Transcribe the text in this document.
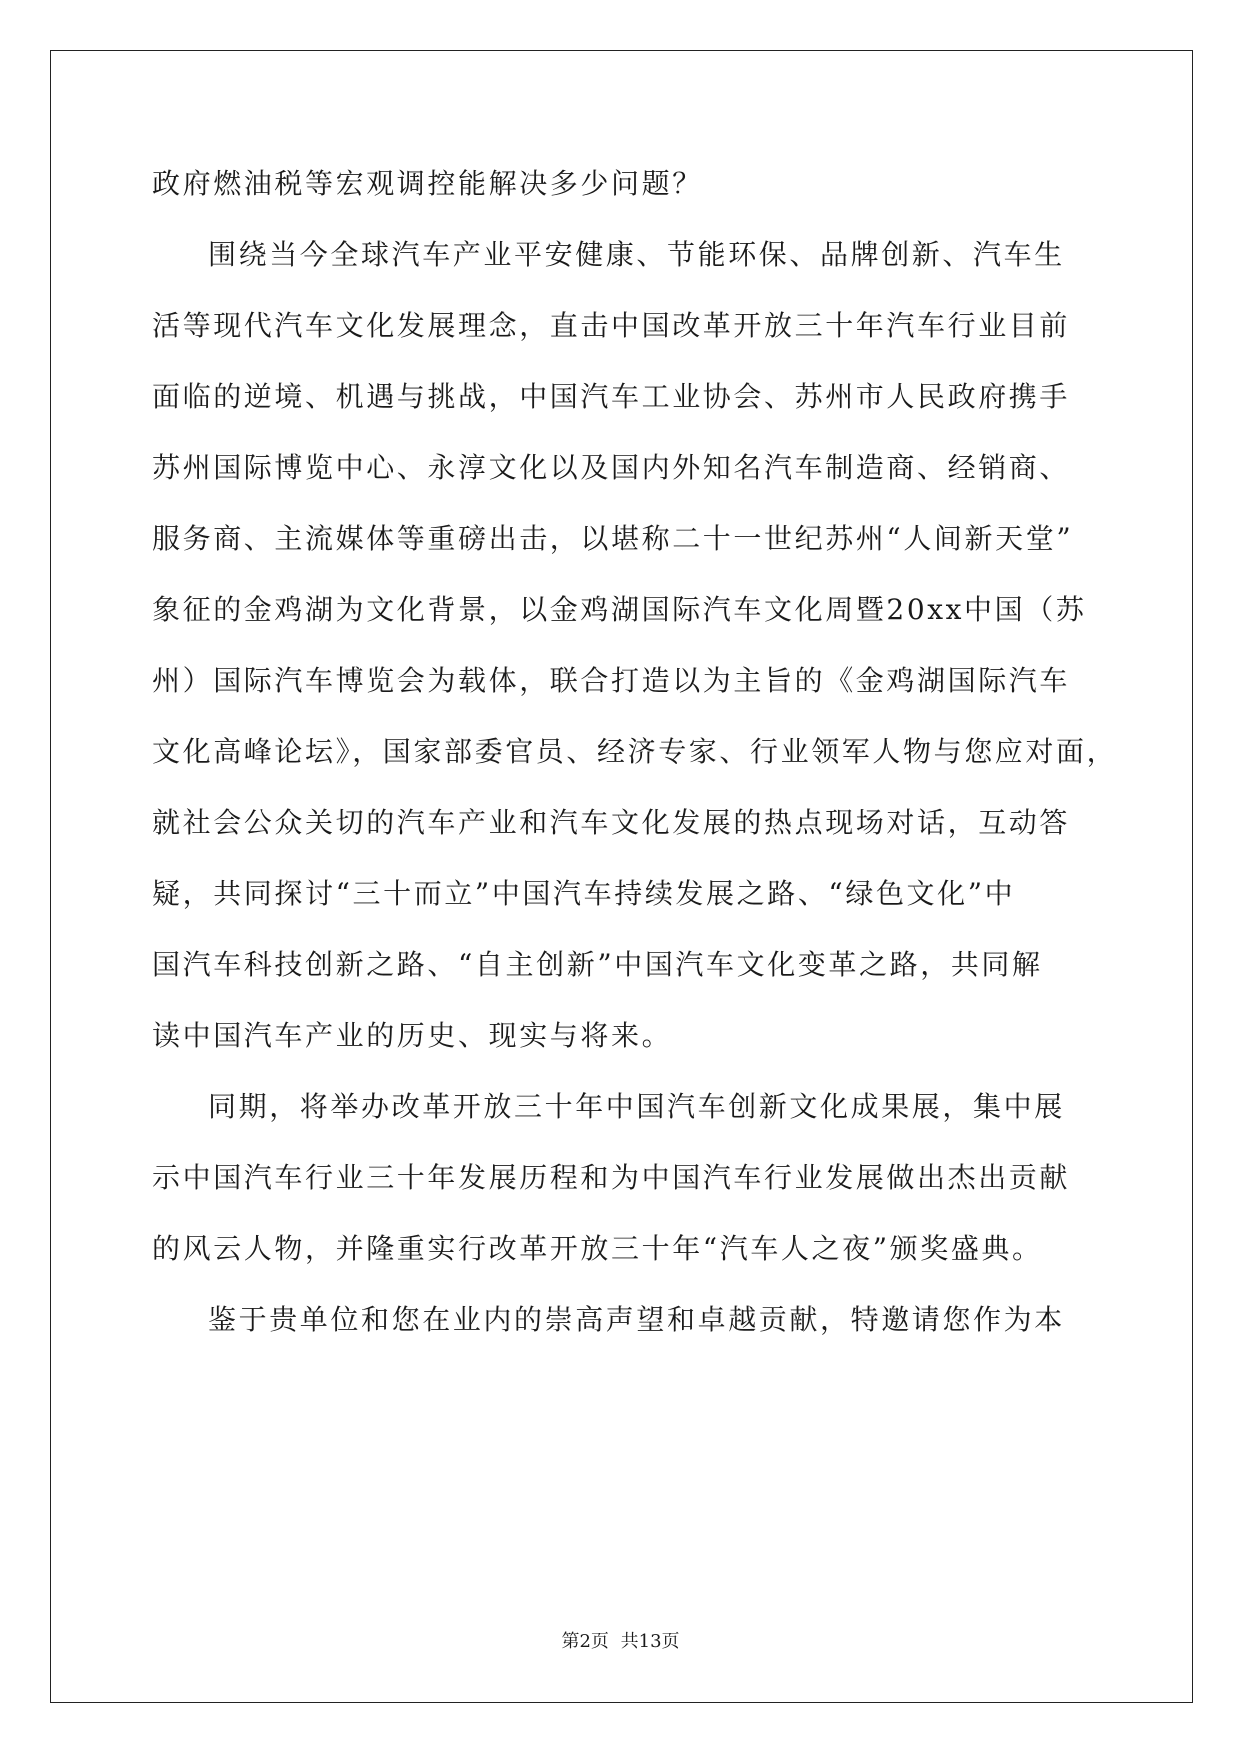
政府燃油税等宏观调控能解决多少问题？
围绕当今全球汽车产业平安健康、节能环保、品牌创新、汽车生
活等现代汽车文化发展理念，直击中国改革开放三十年汽车行业目前
面临的逆境、机遇与挑战，中国汽车工业协会、苏州市人民政府携手
苏州国际博览中心、永淳文化以及国内外知名汽车制造商、经销商、
服务商、主流媒体等重磅出击，以堪称二十一世纪苏州“人间新天堂”
象征的金鸡湖为文化背景，以金鸡湖国际汽车文化周暨20xx中国（苏
州）国际汽车博览会为载体，联合打造以为主旨的《金鸡湖国际汽车
文化高峰论坛》，国家部委官员、经济专家、行业领军人物与您应对面，
就社会公众关切的汽车产业和汽车文化发展的热点现场对话，互动答
疑，共同探讨“三十而立”中国汽车持续发展之路、“绿色文化”中
国汽车科技创新之路、“自主创新”中国汽车文化变革之路，共同解
读中国汽车产业的历史、现实与将来。
同期，将举办改革开放三十年中国汽车创新文化成果展，集中展
示中国汽车行业三十年发展历程和为中国汽车行业发展做出杰出贡献
的风云人物，并隆重实行改革开放三十年“汽车人之夜”颁奖盛典。
鉴于贵单位和您在业内的崇高声望和卓越贡献，特邀请您作为本
第2页 共13页
